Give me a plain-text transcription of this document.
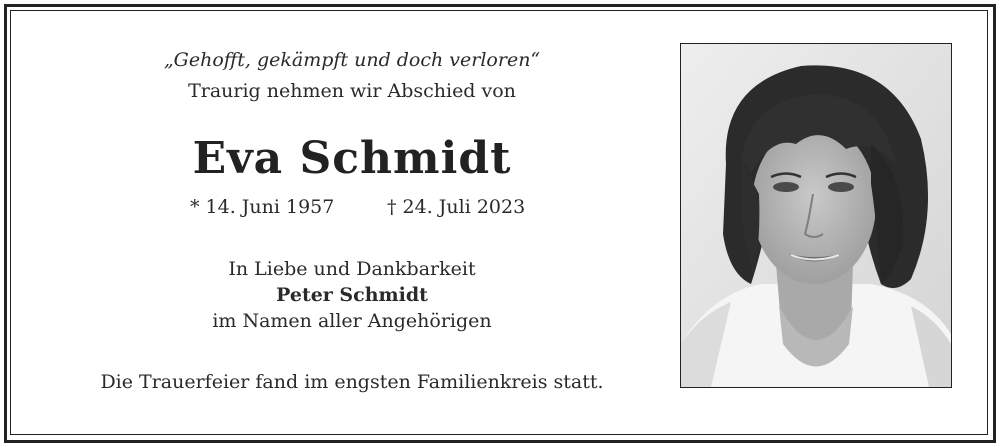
„Gehofft, gekämpft und doch verloren“
Traurig nehmen wir Abschied von
Eva Schmidt
* 14. Juni 1957	† 24. Juli 2023
In Liebe und Dankbarkeit
Peter Schmidt
im Namen aller Angehörigen
Die Trauerfeier fand im engsten Familienkreis statt.
